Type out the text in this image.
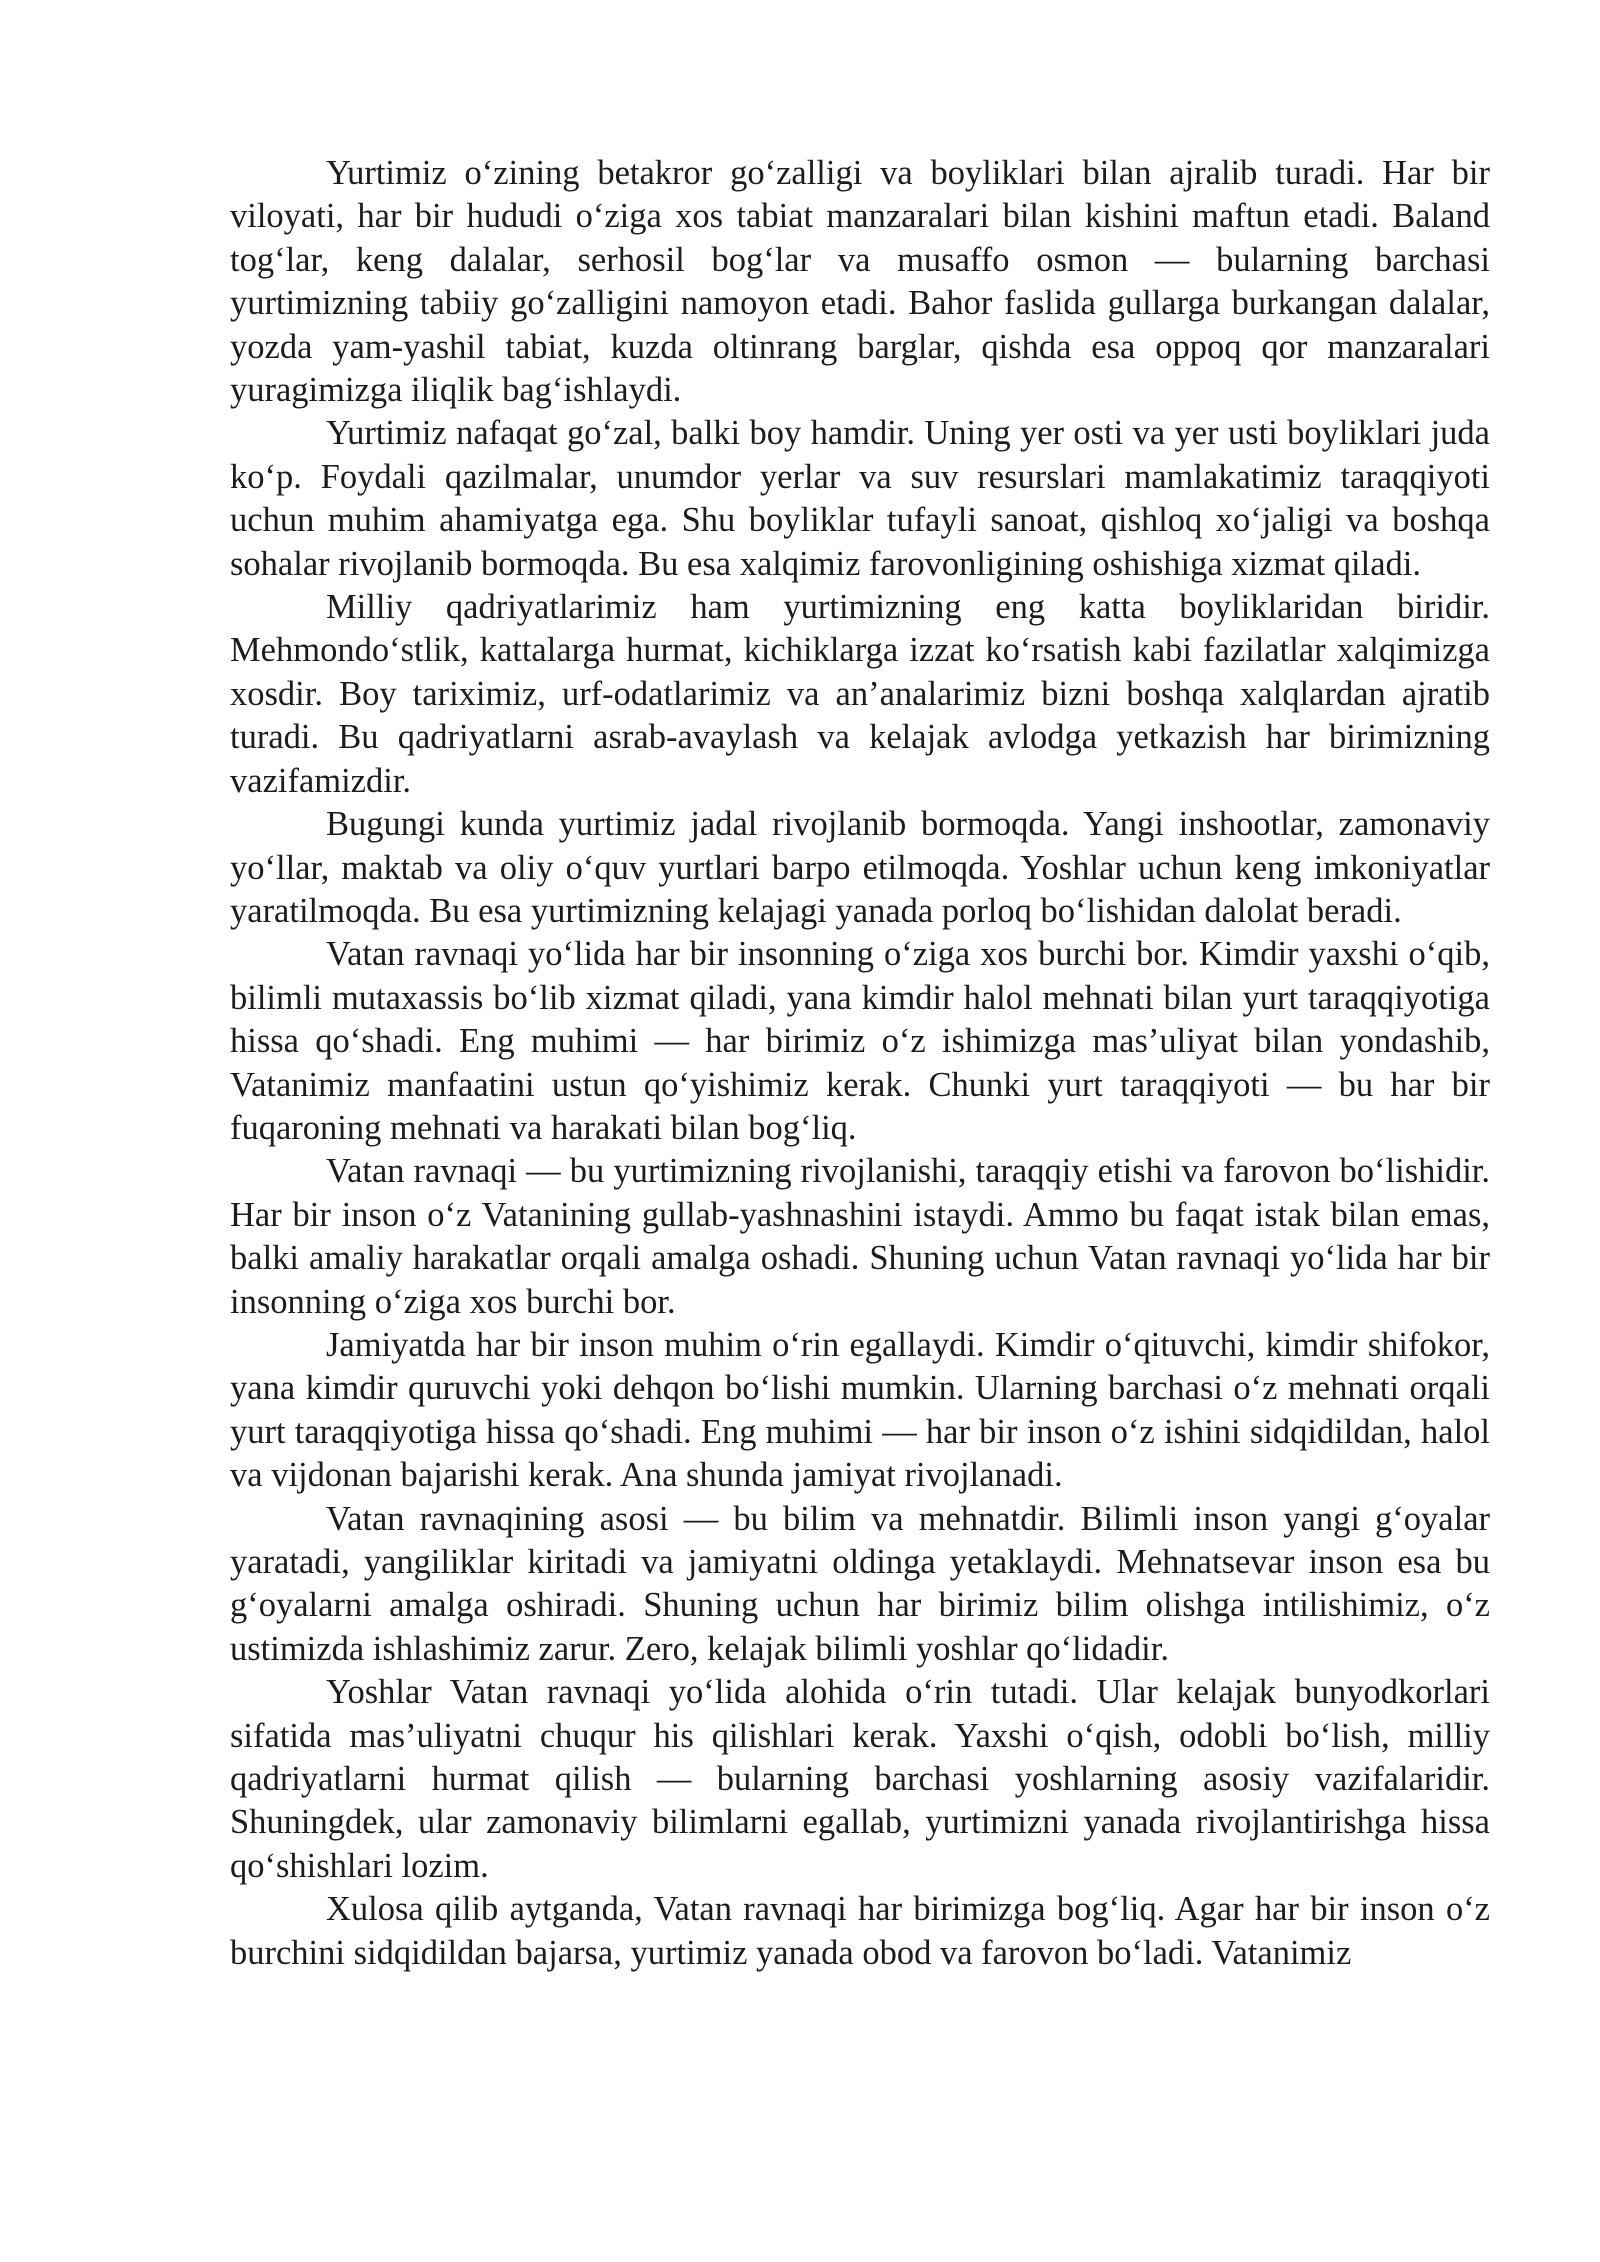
Yurtimiz o‘zining betakror go‘zalligi va boyliklari bilan ajralib turadi. Har bir viloyati, har bir hududi o‘ziga xos tabiat manzaralari bilan kishini maftun etadi. Baland tog‘lar, keng dalalar, serhosil bog‘lar va musaffo osmon — bularning barchasi yurtimizning tabiiy go‘zalligini namoyon etadi. Bahor faslida gullarga burkangan dalalar, yozda yam-yashil tabiat, kuzda oltinrang barglar, qishda esa oppoq qor manzaralari yuragimizga iliqlik bag‘ishlaydi.

Yurtimiz nafaqat go‘zal, balki boy hamdir. Uning yer osti va yer usti boyliklari juda ko‘p. Foydali qazilmalar, unumdor yerlar va suv resurslari mamlakatimiz taraqqiyoti uchun muhim ahamiyatga ega. Shu boyliklar tufayli sanoat, qishloq xo‘jaligi va boshqa sohalar rivojlanib bormoqda. Bu esa xalqimiz farovonligining oshishiga xizmat qiladi.

Milliy qadriyatlarimiz ham yurtimizning eng katta boyliklaridan biridir. Mehmondo‘stlik, kattalarga hurmat, kichiklarga izzat ko‘rsatish kabi fazilatlar xalqimizga xosdir. Boy tariximiz, urf-odatlarimiz va an’analarimiz bizni boshqa xalqlardan ajratib turadi. Bu qadriyatlarni asrab-avaylash va kelajak avlodga yetkazish har birimizning vazifamizdir.

Bugungi kunda yurtimiz jadal rivojlanib bormoqda. Yangi inshootlar, zamonaviy yo‘llar, maktab va oliy o‘quv yurtlari barpo etilmoqda. Yoshlar uchun keng imkoniyatlar yaratilmoqda. Bu esa yurtimizning kelajagi yanada porloq bo‘lishidan dalolat beradi.

Vatan ravnaqi yo‘lida har bir insonning o‘ziga xos burchi bor. Kimdir yaxshi o‘qib, bilimli mutaxassis bo‘lib xizmat qiladi, yana kimdir halol mehnati bilan yurt taraqqiyotiga hissa qo‘shadi. Eng muhimi — har birimiz o‘z ishimizga mas’uliyat bilan yondashib, Vatanimiz manfaatini ustun qo‘yishimiz kerak. Chunki yurt taraqqiyoti — bu har bir fuqaroning mehnati va harakati bilan bog‘liq.

Vatan ravnaqi — bu yurtimizning rivojlanishi, taraqqiy etishi va farovon bo‘lishidir. Har bir inson o‘z Vatanining gullab-yashnashini istaydi. Ammo bu faqat istak bilan emas, balki amaliy harakatlar orqali amalga oshadi. Shuning uchun Vatan ravnaqi yo‘lida har bir insonning o‘ziga xos burchi bor.

Jamiyatda har bir inson muhim o‘rin egallaydi. Kimdir o‘qituvchi, kimdir shifokor, yana kimdir quruvchi yoki dehqon bo‘lishi mumkin. Ularning barchasi o‘z mehnati orqali yurt taraqqiyotiga hissa qo‘shadi. Eng muhimi — har bir inson o‘z ishini sidqidildan, halol va vijdonan bajarishi kerak. Ana shunda jamiyat rivojlanadi.

Vatan ravnaqining asosi — bu bilim va mehnatdir. Bilimli inson yangi g‘oyalar yaratadi, yangiliklar kiritadi va jamiyatni oldinga yetaklaydi. Mehnatsevar inson esa bu g‘oyalarni amalga oshiradi. Shuning uchun har birimiz bilim olishga intilishimiz, o‘z ustimizda ishlashimiz zarur. Zero, kelajak bilimli yoshlar qo‘lidadir.

Yoshlar Vatan ravnaqi yo‘lida alohida o‘rin tutadi. Ular kelajak bunyodkorlari sifatida mas’uliyatni chuqur his qilishlari kerak. Yaxshi o‘qish, odobli bo‘lish, milliy qadriyatlarni hurmat qilish — bularning barchasi yoshlarning asosiy vazifalaridir. Shuningdek, ular zamonaviy bilimlarni egallab, yurtimizni yanada rivojlantirishga hissa qo‘shishlari lozim.

Xulosa qilib aytganda, Vatan ravnaqi har birimizga bog‘liq. Agar har bir inson o‘z burchini sidqidildan bajarsa, yurtimiz yanada obod va farovon bo‘ladi. Vatanimiz
